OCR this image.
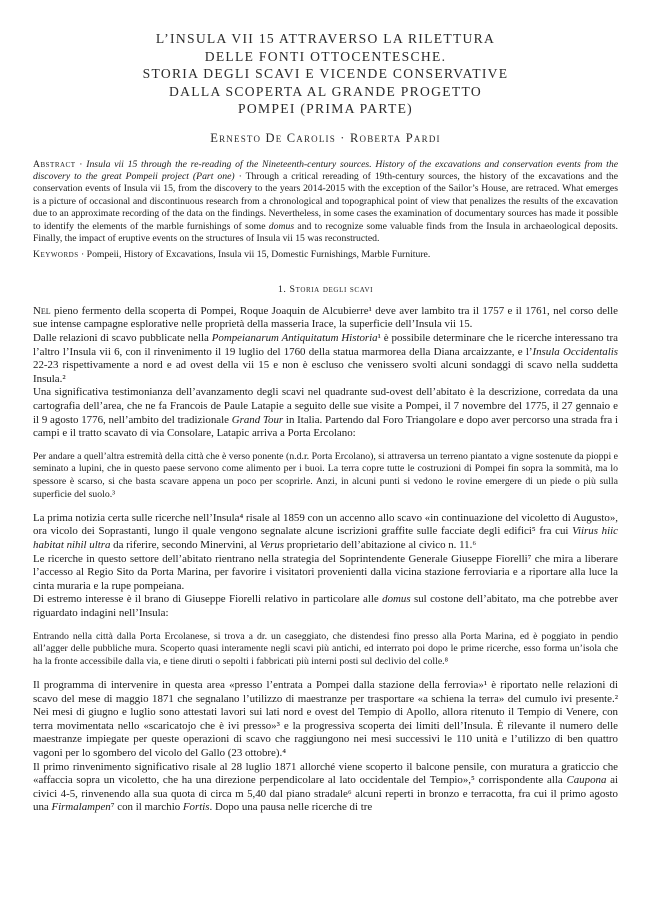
L’INSULA VII 15 ATTRAVERSO LA RILETTURA
DELLE FONTI OTTOCENTESCHE.
STORIA DEGLI SCAVI E VICENDE CONSERVATIVE
DALLA SCOPERTA AL GRANDE PROGETTO
POMPEI (PRIMA PARTE)
Ernesto De Carolis · Roberta Pardi
Abstract · Insula vii 15 through the re-reading of the Nineteenth-century sources. History of the excavations and conservation events from the discovery to the great Pompeii project (Part one) · Through a critical rereading of 19th-century sources, the history of the excavations and the conservation events of Insula vii 15, from the discovery to the years 2014-2015 with the exception of the Sailor’s House, are retraced. What emerges is a picture of occasional and discontinuous research from a chronological and topographical point of view that penalizes the results of the excavation due to an approximate recording of the data on the findings. Nevertheless, in some cases the examination of documentary sources has made it possible to identify the elements of the marble furnishings of some domus and to recognize some valuable finds from the Insula in archaeological deposits. Finally, the impact of eruptive events on the structures of Insula vii 15 was reconstructed.
Keywords · Pompeii, History of Excavations, Insula vii 15, Domestic Furnishings, Marble Furniture.
1. Storia degli scavi

Nel pieno fermento della scoperta di Pompei, Roque Joaquin de Alcubierre¹ deve aver lambito tra il 1757 e il 1761, nel corso delle sue intense campagne esplorative nelle proprietà della masseria Irace, la superficie dell’Insula vii 15.

Dalle relazioni di scavo pubblicate nella Pompeianarum Antiquitatum Historia¹ è possibile determinare che le ricerche interessano tra l’altro l’Insula vii 6, con il rinvenimento il 19 luglio del 1760 della statua marmorea della Diana arcaizzante, e l’Insula Occidentalis 22-23 rispettivamente a nord e ad ovest della vii 15 e non è escluso che venissero svolti alcuni sondaggi di scavo nella suddetta Insula.²

Una significativa testimonianza dell’avanzamento degli scavi nel quadrante sud-ovest dell’abitato è la descrizione, corredata da una cartografia dell’area, che ne fa Francois de Paule Latapie a seguito delle sue visite a Pompei, il 7 novembre del 1775, il 27 gennaio e il 9 agosto 1776, nell’ambito del tradizionale Grand Tour in Italia. Partendo dal Foro Triangolare e dopo aver percorso una strada fra i campi e il tratto scavato di via Consolare, Latapic arriva a Porta Ercolano:

Per andare a quell’altra estremità della città che è verso ponente (n.d.r. Porta Ercolano), si attraversa un terreno piantato a vigne sostenute da pioppi e seminato a lupini, che in questo paese servono come alimento per i buoi. La terra copre tutte le costruzioni di Pompei fin sopra la sommità, ma lo spessore è scarso, si che basta scavare appena un poco per scoprirle. Anzi, in alcuni punti si vedono le rovine emergere di un piede o più sulla superficie del suolo.³

La prima notizia certa sulle ricerche nell’Insula⁴ risale al 1859 con un accenno allo scavo «in continuazione del vicoletto di Augusto», ora vicolo dei Soprastanti, lungo il quale vengono segnalate alcune iscrizioni graffite sulle facciate degli edifici⁵ fra cui Viirus hiic habitat nihil ultra da riferire, secondo Minervini, al Verus proprietario dell’abitazione al civico n. 11.⁶

Le ricerche in questo settore dell’abitato rientrano nella strategia del Soprintendente Generale Giuseppe Fiorelli⁷ che mira a liberare l’accesso al Regio Sito da Porta Marina, per favorire i visitatori provenienti dalla vicina stazione ferroviaria e a riportare alla luce la cinta muraria e la rupe pompeiana.

Di estremo interesse è il brano di Giuseppe Fiorelli relativo in particolare alle domus sul costone dell’abitato, ma che potrebbe aver riguardato indagini nell’Insula:

Entrando nella città dalla Porta Ercolanese, si trova a dr. un caseggiato, che distendesi fino presso alla Porta Marina, ed è poggiato in pendio all’agger delle pubbliche mura. Scoperto quasi interamente negli scavi più antichi, ed interrato poi dopo le prime ricerche, esso forma un’isola che ha la fronte accessibile dalla via, e tiene diruti o sepolti i fabbricati più interni posti sul declivio del colle.⁸

Il programma di intervenire in questa area «presso l’entrata a Pompei dalla stazione della ferrovia»¹ è riportato nelle relazioni di scavo del mese di maggio 1871 che segnalano l’utilizzo di maestranze per trasportare «a schiena la terra» del cumulo ivi presente.² Nei mesi di giugno e luglio sono attestati lavori sui lati nord e ovest del Tempio di Apollo, allora ritenuto il Tempio di Venere, con terra movimentata nello «scaricatojo che è ivi presso»³ e la progressiva scoperta dei limiti dell’Insula. È rilevante il numero delle maestranze impiegate per queste operazioni di scavo che raggiungono nei mesi successivi le 110 unità e l’utilizzo di ben quattro vagoni per lo sgombero del vicolo del Gallo (23 ottobre).⁴

Il primo rinvenimento significativo risale al 28 luglio 1871 allorché viene scoperto il balcone pensile, con muratura a graticcio che «affaccia sopra un vicoletto, che ha una direzione perpendicolare al lato occidentale del Tempio»,⁵ corrispondente alla Caupona ai civici 4-5, rinvenendo alla sua quota di circa m 5,40 dal piano stradale⁶ alcuni reperti in bronzo e terracotta, fra cui il primo agosto una Firmalampen⁷ con il marchio Fortis. Dopo una pausa nelle ricerche di tre
